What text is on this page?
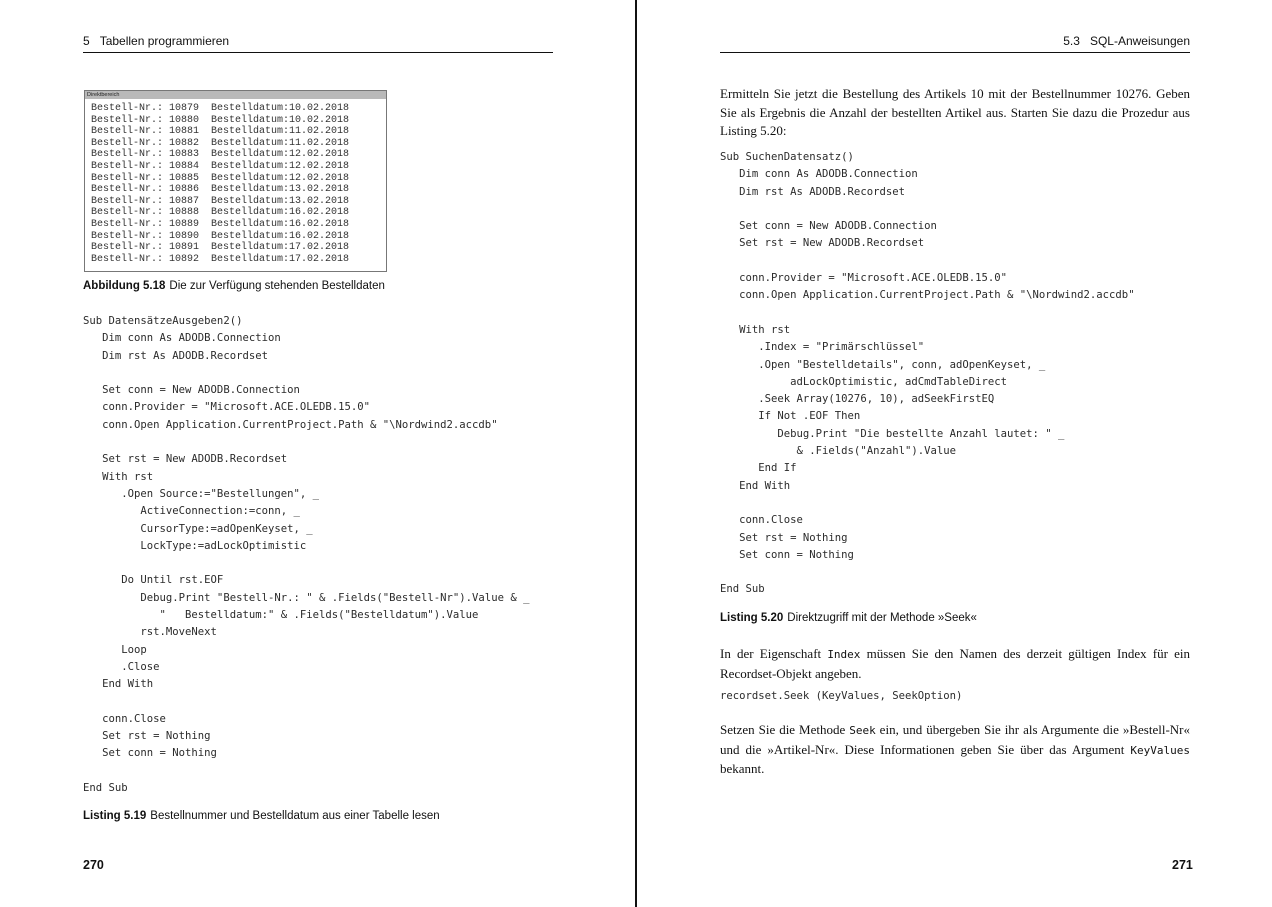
5 Tabellen programmieren
Direktbereich
Bestell-Nr.: 10879  Bestelldatum:10.02.2018
Bestell-Nr.: 10880  Bestelldatum:10.02.2018
Bestell-Nr.: 10881  Bestelldatum:11.02.2018
Bestell-Nr.: 10882  Bestelldatum:11.02.2018
Bestell-Nr.: 10883  Bestelldatum:12.02.2018
Bestell-Nr.: 10884  Bestelldatum:12.02.2018
Bestell-Nr.: 10885  Bestelldatum:12.02.2018
Bestell-Nr.: 10886  Bestelldatum:13.02.2018
Bestell-Nr.: 10887  Bestelldatum:13.02.2018
Bestell-Nr.: 10888  Bestelldatum:16.02.2018
Bestell-Nr.: 10889  Bestelldatum:16.02.2018
Bestell-Nr.: 10890  Bestelldatum:16.02.2018
Bestell-Nr.: 10891  Bestelldatum:17.02.2018
Bestell-Nr.: 10892  Bestelldatum:17.02.2018
Abbildung 5.18 Die zur Verfügung stehenden Bestelldaten
Sub DatensätzeAusgeben2()
Dim conn As ADODB.Connection
Dim rst As ADODB.Recordset

Set conn = New ADODB.Connection
conn.Provider = "Microsoft.ACE.OLEDB.15.0"
conn.Open Application.CurrentProject.Path & "\Nordwind2.accdb"

Set rst = New ADODB.Recordset
With rst
.Open Source:="Bestellungen", _
ActiveConnection:=conn, _
CursorType:=adOpenKeyset, _
LockType:=adLockOptimistic

Do Until rst.EOF
Debug.Print "Bestell-Nr.: " & .Fields("Bestell-Nr").Value & _
"   Bestelldatum:" & .Fields("Bestelldatum").Value
rst.MoveNext
Loop
.Close
End With

conn.Close
Set rst = Nothing
Set conn = Nothing

End Sub
Listing 5.19 Bestellnummer und Bestelldatum aus einer Tabelle lesen
270
5.3 SQL-Anweisungen
Ermitteln Sie jetzt die Bestellung des Artikels 10 mit der Bestellnummer 10276. Geben Sie als Ergebnis die Anzahl der bestellten Artikel aus. Starten Sie dazu die Prozedur aus Listing 5.20:
Sub SuchenDatensatz()
Dim conn As ADODB.Connection
Dim rst As ADODB.Recordset

Set conn = New ADODB.Connection
Set rst = New ADODB.Recordset

conn.Provider = "Microsoft.ACE.OLEDB.15.0"
conn.Open Application.CurrentProject.Path & "\Nordwind2.accdb"

With rst
.Index = "Primärschlüssel"
.Open "Bestelldetails", conn, adOpenKeyset, _
adLockOptimistic, adCmdTableDirect
.Seek Array(10276, 10), adSeekFirstEQ
If Not .EOF Then
Debug.Print "Die bestellte Anzahl lautet: " _
& .Fields("Anzahl").Value
End If
End With

conn.Close
Set rst = Nothing
Set conn = Nothing

End Sub
Listing 5.20 Direktzugriff mit der Methode »Seek«
In der Eigenschaft Index müssen Sie den Namen des derzeit gültigen Index für ein Recordset-Objekt angeben.
recordset.Seek (KeyValues, SeekOption)
Setzen Sie die Methode Seek ein, und übergeben Sie ihr als Argumente die »Bestell-Nr« und die »Artikel-Nr«. Diese Informationen geben Sie über das Argument KeyValues bekannt.
271
